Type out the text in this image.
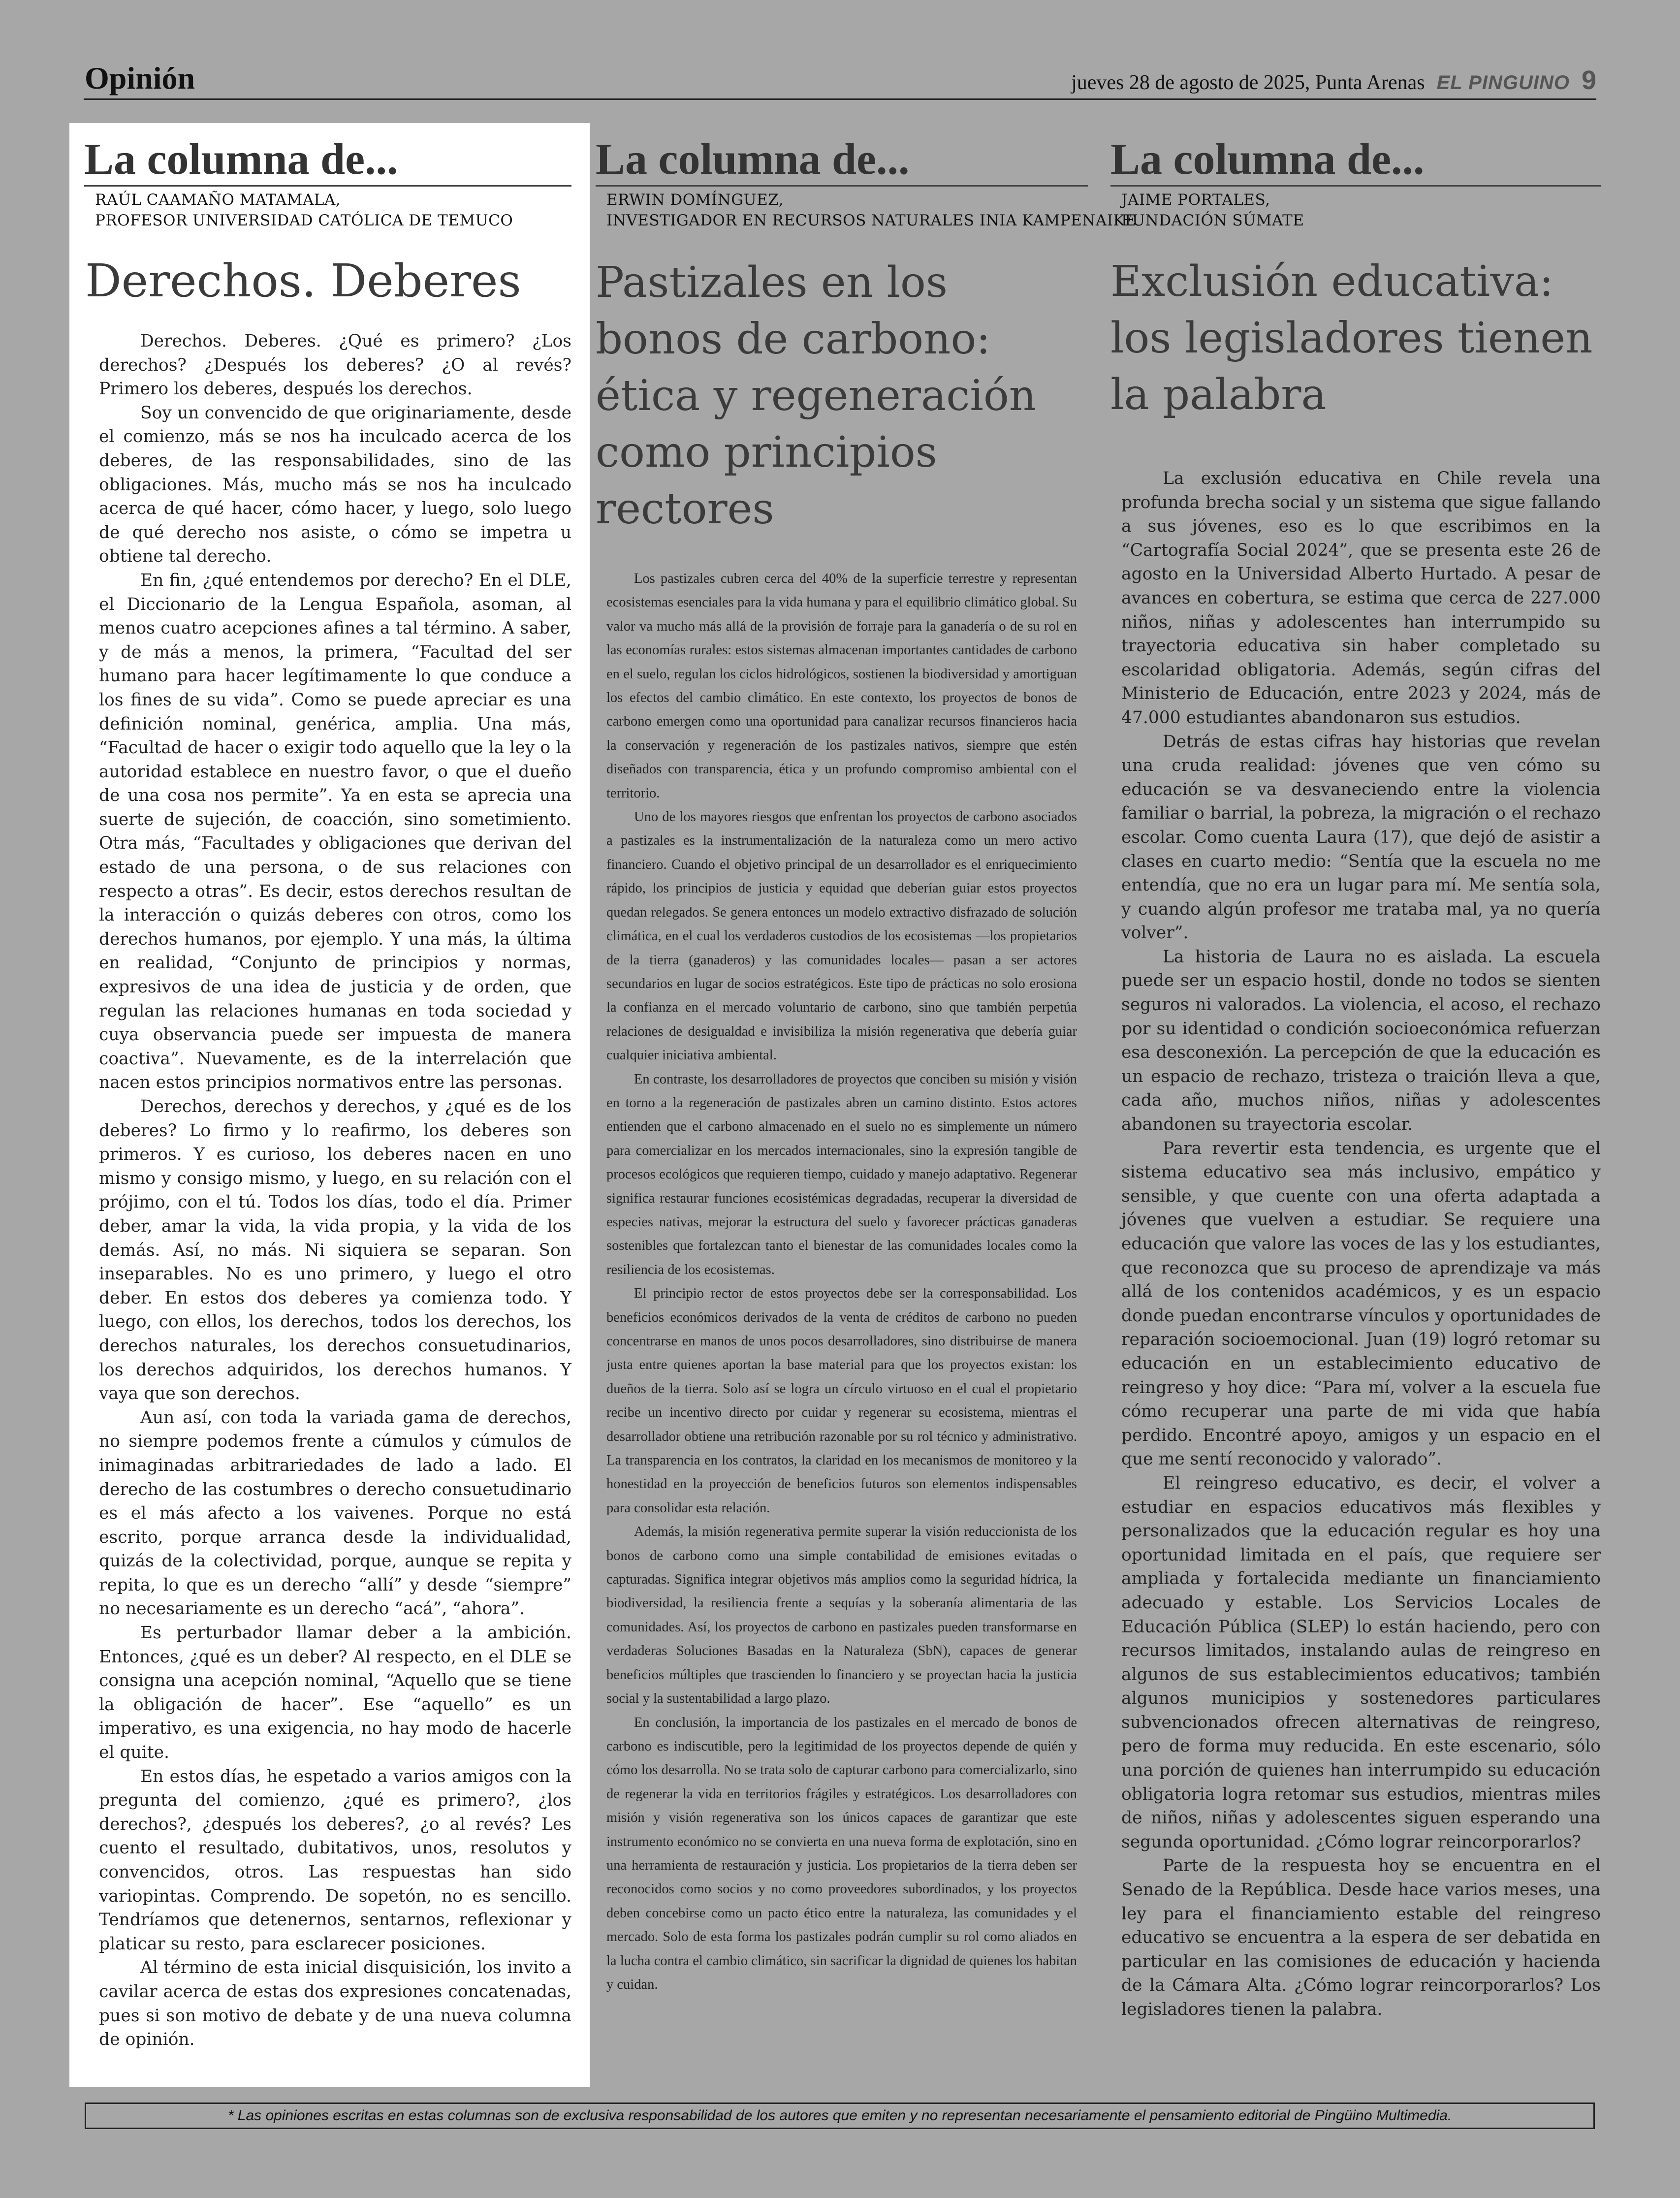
Opinión	jueves 28 de agosto de 2025, Punta Arenas EL PINGUINO 9
La columna de...
RAÚL CAAMAÑO MATAMALA,
PROFESOR UNIVERSIDAD CATÓLICA DE TEMUCO
Derechos. Deberes

Derechos. Deberes. ¿Qué es primero? ¿Los derechos? ¿Después los deberes? ¿O al revés? Primero los deberes, después los derechos.

Soy un convencido de que originariamente, desde el comienzo, más se nos ha inculcado acerca de los deberes, de las responsabilidades, sino de las obligaciones. Más, mucho más se nos ha inculcado acerca de qué hacer, cómo hacer, y luego, solo luego de qué derecho nos asiste, o cómo se impetra u obtiene tal derecho.

En fin, ¿qué entendemos por derecho? En el DLE, el Diccionario de la Lengua Española, asoman, al menos cuatro acepciones afines a tal término. A saber, y de más a menos, la primera, “Facultad del ser humano para hacer legítimamente lo que conduce a los fines de su vida”. Como se puede apreciar es una definición nominal, genérica, amplia. Una más, “Facultad de hacer o exigir todo aquello que la ley o la autoridad establece en nuestro favor, o que el dueño de una cosa nos permite”. Ya en esta se aprecia una suerte de sujeción, de coacción, sino sometimiento. Otra más, “Facultades y obligaciones que derivan del estado de una persona, o de sus relaciones con respecto a otras”. Es decir, estos derechos resultan de la interacción o quizás deberes con otros, como los derechos humanos, por ejemplo. Y una más, la última en realidad, “Conjunto de principios y normas, expresivos de una idea de justicia y de orden, que regulan las relaciones humanas en toda sociedad y cuya observancia puede ser impuesta de manera coactiva”. Nuevamente, es de la interrelación que nacen estos principios normativos entre las personas.

Derechos, derechos y derechos, y ¿qué es de los deberes? Lo firmo y lo reafirmo, los deberes son primeros. Y es curioso, los deberes nacen en uno mismo y consigo mismo, y luego, en su relación con el prójimo, con el tú. Todos los días, todo el día. Primer deber, amar la vida, la vida propia, y la vida de los demás. Así, no más. Ni siquiera se separan. Son inseparables. No es uno primero, y luego el otro deber. En estos dos deberes ya comienza todo. Y luego, con ellos, los derechos, todos los derechos, los derechos naturales, los derechos consuetudinarios, los derechos adquiridos, los derechos humanos. Y vaya que son derechos.

Aun así, con toda la variada gama de derechos, no siempre podemos frente a cúmulos y cúmulos de inimaginadas arbitrariedades de lado a lado. El derecho de las costumbres o derecho consuetudinario es el más afecto a los vaivenes. Porque no está escrito, porque arranca desde la individualidad, quizás de la colectividad, porque, aunque se repita y repita, lo que es un derecho “allí” y desde “siempre” no necesariamente es un derecho “acá”, “ahora”.

Es perturbador llamar deber a la ambición. Entonces, ¿qué es un deber? Al respecto, en el DLE se consigna una acepción nominal, “Aquello que se tiene la obligación de hacer”. Ese “aquello” es un imperativo, es una exigencia, no hay modo de hacerle el quite.

En estos días, he espetado a varios amigos con la pregunta del comienzo, ¿qué es primero?, ¿los derechos?, ¿después los deberes?, ¿o al revés? Les cuento el resultado, dubitativos, unos, resolutos y convencidos, otros. Las respuestas han sido variopintas. Comprendo. De sopetón, no es sencillo. Tendríamos que detenernos, sentarnos, reflexionar y platicar su resto, para esclarecer posiciones.

Al término de esta inicial disquisición, los invito a cavilar acerca de estas dos expresiones concatenadas, pues si son motivo de debate y de una nueva columna de opinión.

La columna de...
ERWIN DOMÍNGUEZ,
INVESTIGADOR EN RECURSOS NATURALES INIA KAMPENAIKE
Pastizales en los bonos de carbono: ética y regeneración como principios rectores

Los pastizales cubren cerca del 40% de la superficie terrestre y representan ecosistemas esenciales para la vida humana y para el equilibrio climático global. Su valor va mucho más allá de la provisión de forraje para la ganadería o de su rol en las economías rurales: estos sistemas almacenan importantes cantidades de carbono en el suelo, regulan los ciclos hidrológicos, sostienen la biodiversidad y amortiguan los efectos del cambio climático. En este contexto, los proyectos de bonos de carbono emergen como una oportunidad para canalizar recursos financieros hacia la conservación y regeneración de los pastizales nativos, siempre que estén diseñados con transparencia, ética y un profundo compromiso ambiental con el territorio.

Uno de los mayores riesgos que enfrentan los proyectos de carbono asociados a pastizales es la instrumentalización de la naturaleza como un mero activo financiero. Cuando el objetivo principal de un desarrollador es el enriquecimiento rápido, los principios de justicia y equidad que deberían guiar estos proyectos quedan relegados. Se genera entonces un modelo extractivo disfrazado de solución climática, en el cual los verdaderos custodios de los ecosistemas —los propietarios de la tierra (ganaderos) y las comunidades locales— pasan a ser actores secundarios en lugar de socios estratégicos. Este tipo de prácticas no solo erosiona la confianza en el mercado voluntario de carbono, sino que también perpetúa relaciones de desigualdad e invisibiliza la misión regenerativa que debería guiar cualquier iniciativa ambiental.

En contraste, los desarrolladores de proyectos que conciben su misión y visión en torno a la regeneración de pastizales abren un camino distinto. Estos actores entienden que el carbono almacenado en el suelo no es simplemente un número para comercializar en los mercados internacionales, sino la expresión tangible de procesos ecológicos que requieren tiempo, cuidado y manejo adaptativo. Regenerar significa restaurar funciones ecosistémicas degradadas, recuperar la diversidad de especies nativas, mejorar la estructura del suelo y favorecer prácticas ganaderas sostenibles que fortalezcan tanto el bienestar de las comunidades locales como la resiliencia de los ecosistemas.

El principio rector de estos proyectos debe ser la corresponsabilidad. Los beneficios económicos derivados de la venta de créditos de carbono no pueden concentrarse en manos de unos pocos desarrolladores, sino distribuirse de manera justa entre quienes aportan la base material para que los proyectos existan: los dueños de la tierra. Solo así se logra un círculo virtuoso en el cual el propietario recibe un incentivo directo por cuidar y regenerar su ecosistema, mientras el desarrollador obtiene una retribución razonable por su rol técnico y administrativo. La transparencia en los contratos, la claridad en los mecanismos de monitoreo y la honestidad en la proyección de beneficios futuros son elementos indispensables para consolidar esta relación.

Además, la misión regenerativa permite superar la visión reduccionista de los bonos de carbono como una simple contabilidad de emisiones evitadas o capturadas. Significa integrar objetivos más amplios como la seguridad hídrica, la biodiversidad, la resiliencia frente a sequías y la soberanía alimentaria de las comunidades. Así, los proyectos de carbono en pastizales pueden transformarse en verdaderas Soluciones Basadas en la Naturaleza (SbN), capaces de generar beneficios múltiples que trascienden lo financiero y se proyectan hacia la justicia social y la sustentabilidad a largo plazo.

En conclusión, la importancia de los pastizales en el mercado de bonos de carbono es indiscutible, pero la legitimidad de los proyectos depende de quién y cómo los desarrolla. No se trata solo de capturar carbono para comercializarlo, sino de regenerar la vida en territorios frágiles y estratégicos. Los desarrolladores con misión y visión regenerativa son los únicos capaces de garantizar que este instrumento económico no se convierta en una nueva forma de explotación, sino en una herramienta de restauración y justicia. Los propietarios de la tierra deben ser reconocidos como socios y no como proveedores subordinados, y los proyectos deben concebirse como un pacto ético entre la naturaleza, las comunidades y el mercado. Solo de esta forma los pastizales podrán cumplir su rol como aliados en la lucha contra el cambio climático, sin sacrificar la dignidad de quienes los habitan y cuidan.

La columna de...
JAIME PORTALES,
FUNDACIÓN SÚMATE
Exclusión educativa: los legisladores tienen la palabra

La exclusión educativa en Chile revela una profunda brecha social y un sistema que sigue fallando a sus jóvenes, eso es lo que escribimos en la “Cartografía Social 2024”, que se presenta este 26 de agosto en la Universidad Alberto Hurtado. A pesar de avances en cobertura, se estima que cerca de 227.000 niños, niñas y adolescentes han interrumpido su trayectoria educativa sin haber completado su escolaridad obligatoria. Además, según cifras del Ministerio de Educación, entre 2023 y 2024, más de 47.000 estudiantes abandonaron sus estudios.

Detrás de estas cifras hay historias que revelan una cruda realidad: jóvenes que ven cómo su educación se va desvaneciendo entre la violencia familiar o barrial, la pobreza, la migración o el rechazo escolar. Como cuenta Laura (17), que dejó de asistir a clases en cuarto medio: “Sentía que la escuela no me entendía, que no era un lugar para mí. Me sentía sola, y cuando algún profesor me trataba mal, ya no quería volver”.

La historia de Laura no es aislada. La escuela puede ser un espacio hostil, donde no todos se sienten seguros ni valorados. La violencia, el acoso, el rechazo por su identidad o condición socioeconómica refuerzan esa desconexión. La percepción de que la educación es un espacio de rechazo, tristeza o traición lleva a que, cada año, muchos niños, niñas y adolescentes abandonen su trayectoria escolar.

Para revertir esta tendencia, es urgente que el sistema educativo sea más inclusivo, empático y sensible, y que cuente con una oferta adaptada a jóvenes que vuelven a estudiar. Se requiere una educación que valore las voces de las y los estudiantes, que reconozca que su proceso de aprendizaje va más allá de los contenidos académicos, y es un espacio donde puedan encontrarse vínculos y oportunidades de reparación socioemocional. Juan (19) logró retomar su educación en un establecimiento educativo de reingreso y hoy dice: “Para mí, volver a la escuela fue cómo recuperar una parte de mi vida que había perdido. Encontré apoyo, amigos y un espacio en el que me sentí reconocido y valorado”.

El reingreso educativo, es decir, el volver a estudiar en espacios educativos más flexibles y personalizados que la educación regular es hoy una oportunidad limitada en el país, que requiere ser ampliada y fortalecida mediante un financiamiento adecuado y estable. Los Servicios Locales de Educación Pública (SLEP) lo están haciendo, pero con recursos limitados, instalando aulas de reingreso en algunos de sus establecimientos educativos; también algunos municipios y sostenedores particulares subvencionados ofrecen alternativas de reingreso, pero de forma muy reducida. En este escenario, sólo una porción de quienes han interrumpido su educación obligatoria logra retomar sus estudios, mientras miles de niños, niñas y adolescentes siguen esperando una segunda oportunidad. ¿Cómo lograr reincorporarlos?

Parte de la respuesta hoy se encuentra en el Senado de la República. Desde hace varios meses, una ley para el financiamiento estable del reingreso educativo se encuentra a la espera de ser debatida en particular en las comisiones de educación y hacienda de la Cámara Alta. ¿Cómo lograr reincorporarlos? Los legisladores tienen la palabra.

* Las opiniones escritas en estas columnas son de exclusiva responsabilidad de los autores que emiten y no representan necesariamente el pensamiento editorial de Pingüino Multimedia.
